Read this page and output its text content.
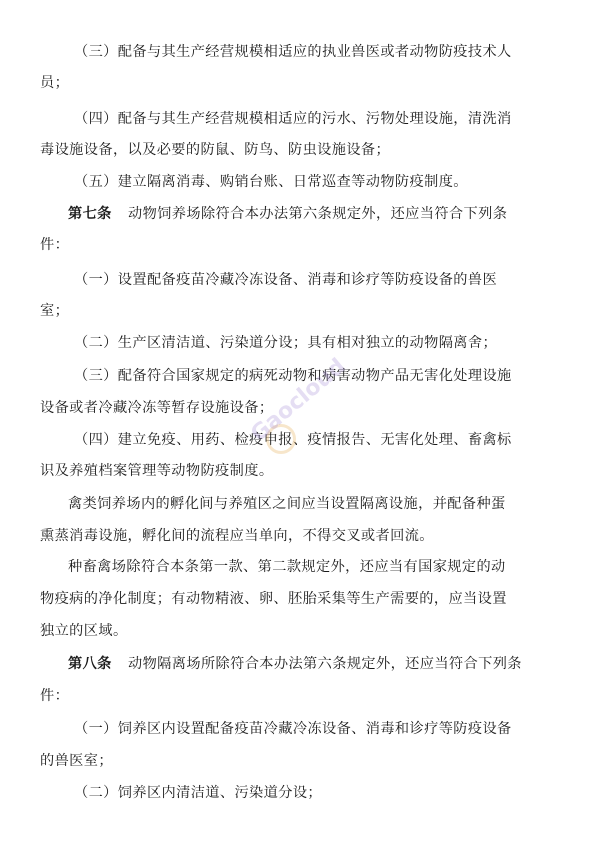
（三）配备与其生产经营规模相适应的执业兽医或者动物防疫技术人
员；
（四）配备与其生产经营规模相适应的污水、污物处理设施，清洗消
毒设施设备，以及必要的防鼠、防鸟、防虫设施设备；
（五）建立隔离消毒、购销台账、日常巡查等动物防疫制度。
第七条 动物饲养场除符合本办法第六条规定外，还应当符合下列条
件：
（一）设置配备疫苗冷藏冷冻设备、消毒和诊疗等防疫设备的兽医
室；
（二）生产区清洁道、污染道分设；具有相对独立的动物隔离舍；
（三）配备符合国家规定的病死动物和病害动物产品无害化处理设施
设备或者冷藏冷冻等暂存设施设备；
（四）建立免疫、用药、检疫申报、疫情报告、无害化处理、畜禽标
识及养殖档案管理等动物防疫制度。
禽类饲养场内的孵化间与养殖区之间应当设置隔离设施，并配备种蛋
熏蒸消毒设施，孵化间的流程应当单向，不得交叉或者回流。
种畜禽场除符合本条第一款、第二款规定外，还应当有国家规定的动
物疫病的净化制度；有动物精液、卵、胚胎采集等生产需要的，应当设置
独立的区域。
第八条 动物隔离场所除符合本办法第六条规定外，还应当符合下列条
件：
（一）饲养区内设置配备疫苗冷藏冷冻设备、消毒和诊疗等防疫设备
的兽医室；
（二）饲养区内清洁道、污染道分设；
Gaocloud
